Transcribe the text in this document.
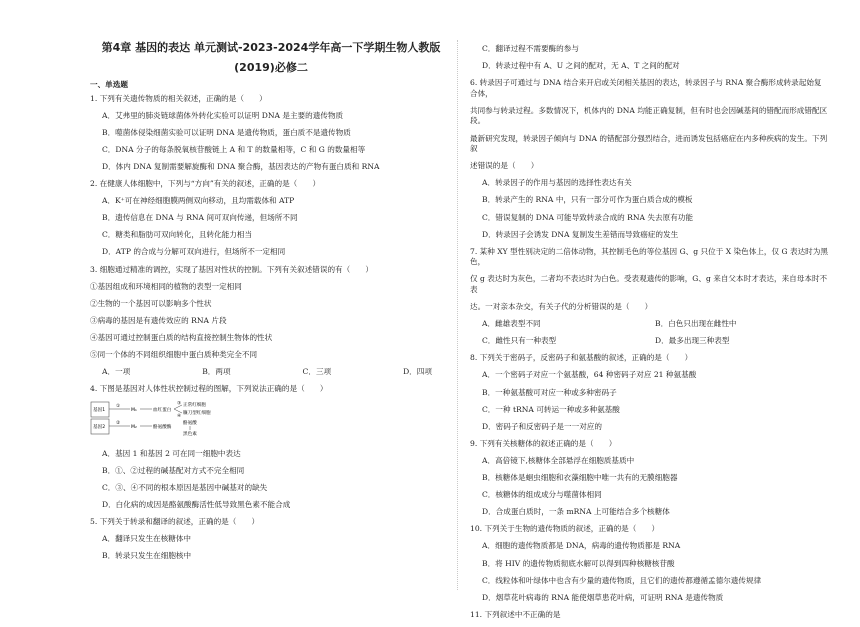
第4章 基因的表达 单元测试-2023-2024学年高一下学期生物人教版(2019)必修二
一、单选题
1. 下列有关遗传物质的相关叙述，正确的是（　　）
A．艾弗里的肺炎链球菌体外转化实验可以证明 DNA 是主要的遗传物质
B．噬菌体侵染细菌实验可以证明 DNA 是遗传物质，蛋白质不是遗传物质
C．DNA 分子的每条脱氧核苷酸链上 A 和 T 的数量相等，C 和 G 的数量相等
D．体内 DNA 复制需要解旋酶和 DNA 聚合酶，基因表达的产物有蛋白质和 RNA
2. 在健康人体细胞中，下列与“方向”有关的叙述，正确的是（　　）
A．K⁺可在神经细胞膜两侧双向移动，且均需载体和 ATP
B．遗传信息在 DNA 与 RNA 间可双向传递，但场所不同
C．糖类和脂肪可双向转化，且转化能力相当
D．ATP 的合成与分解可双向进行，但场所不一定相同
3. 细胞通过精准的调控，实现了基因对性状的控制。下列有关叙述错误的有（　　）
①基因组成和环境相同的植物的表型一定相同
②生物的一个基因可以影响多个性状
③病毒的基因是有遗传效应的 RNA 片段
④基因可通过控制蛋白质的结构直接控制生物体的性状
⑤同一个体的不同组织细胞中蛋白质种类完全不同
A．一项	B．两项	C．三项	D．四项
4. 下图是基因对人体性状控制过程的图解，下列说法正确的是（　　）
基因1
基因2
①
②
M₁
M₂
血红蛋白
酪氨酸酶
③
④
正常红细胞
镰刀型红细胞
酪氨酸
黑色素
A．基因 1 和基因 2 可在同一细胞中表达
B．①、②过程的碱基配对方式不完全相同
C．③、④不同的根本原因是基因中碱基对的缺失
D．白化病的成因是酪氨酸酶活性低导致黑色素不能合成
5. 下列关于转录和翻译的叙述，正确的是（　　）
A．翻译只发生在核糖体中
B．转录只发生在细胞核中
C．翻译过程不需要酶的参与
D．转录过程中有 A、U 之间的配对，无 A、T 之间的配对
6. 转录因子可通过与 DNA 结合来开启或关闭相关基因的表达，转录因子与 RNA 聚合酶形成转录起始复合体，
共同参与转录过程。多数情况下，机体内的 DNA 均能正确复制，但有时也会因碱基间的错配而形成错配区段。
最新研究发现，转录因子倾向与 DNA 的错配部分强烈结合，进而诱发包括癌症在内多种疾病的发生。下列叙
述错误的是（　　）
A．转录因子的作用与基因的选择性表达有关
B．转录产生的 RNA 中，只有一部分可作为蛋白质合成的模板
C．错误复制的 DNA 可能导致转录合成的 RNA 失去原有功能
D．转录因子会诱发 DNA 复制发生差错而导致癌症的发生
7. 某种 XY 型性别决定的二倍体动物，其控制毛色的等位基因 G、g 只位于 X 染色体上，仅 G 表达时为黑色，
仅 g 表达时为灰色，二者均不表达时为白色。受表观遗传的影响，G、g 来自父本时才表达，来自母本时不表
达。一对亲本杂交，有关子代的分析错误的是（　　）
A．雌雄表型不同	B．白色只出现在雌性中
C．雌性只有一种表型	D．最多出现三种表型
8. 下列关于密码子，反密码子和氨基酸的叙述，正确的是（　　）
A．一个密码子对应一个氨基酸，64 种密码子对应 21 种氨基酸
B．一种氨基酸可对应一种或多种密码子
C．一种 tRNA 可转运一种或多种氨基酸
D．密码子和反密码子是一一对应的
9. 下列有关核糖体的叙述正确的是（　　）
A．高倍镜下,核糖体全部悬浮在细胞质基质中
B．核糖体是蛔虫细胞和衣藻细胞中唯一共有的无膜细胞器
C．核糖体的组成成分与噬菌体相同
D．合成蛋白质时，一条 mRNA 上可能结合多个核糖体
10. 下列关于生物的遗传物质的叙述，正确的是（　　）
A．细胞的遗传物质都是 DNA，病毒的遗传物质都是 RNA
B．将 HIV 的遗传物质彻底水解可以得到四种核糖核苷酸
C．线粒体和叶绿体中也含有少量的遗传物质，且它们的遗传都遵循孟德尔遗传规律
D．烟草花叶病毒的 RNA 能使烟草患花叶病，可证明 RNA 是遗传物质
11. 下列叙述中不正确的是
